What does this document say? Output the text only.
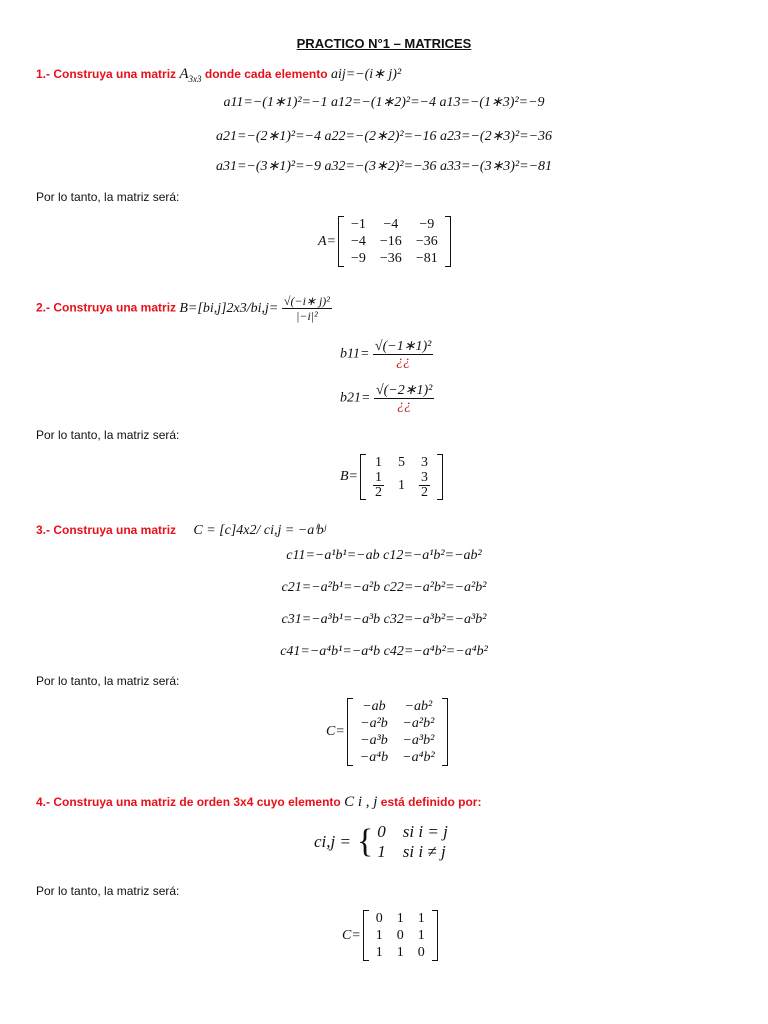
PRACTICO N°1 – MATRICES
1.- Construya una matriz $A_{3x3}$ donde cada elemento aij=−(i∗ j)²
a11=−(1∗1)²=−1 a12=−(1∗2)²=−4 a13=−(1∗3)²=−9
a21=−(2∗1)²=−4 a22=−(2∗2)²=−16 a23=−(2∗3)²=−36
a31=−(3∗1)²=−9 a32=−(3∗2)²=−36 a33=−(3∗3)²=−81
Por lo tanto, la matriz será:
A=
−1	−4	−9
−4	−16	−36
−9	−36	−81
2.- Construya una matriz $B=[bi,j]2x3/bi,j= \frac{\text{√(−i∗ j)²}}{\text{|−i|²}}$
$b11= \frac{\text{√(−1∗1)²}}{¿¿}$
$b21= \frac{\text{√(−2∗1)²}}{¿¿}$
Por lo tanto, la matriz será:
B=
1	5	3

$\frac{1}{2}$	1	$\frac{3}{2}$
3.- Construya una matriz C = [c]4x2/ ci,j = −aⁱbʲ
c11=−a¹b¹=−ab c12=−a¹b²=−ab²
c21=−a²b¹=−a²b c22=−a²b²=−a²b²
c31=−a³b¹=−a³b c32=−a³b²=−a³b²
c41=−a⁴b¹=−a⁴b c42=−a⁴b²=−a⁴b²
Por lo tanto, la matriz será:
C=
−ab	−ab²
−a²b	−a²b²
−a³b	−a³b²
−a⁴b	−a⁴b²
4.- Construya una matriz de orden 3x4 cuyo elemento C i , j está definido por:
ci,j = { 0    si i = j
1    si i ≠ j
Por lo tanto, la matriz será:
C=
0	1	1
1	0	1
1	1	0
